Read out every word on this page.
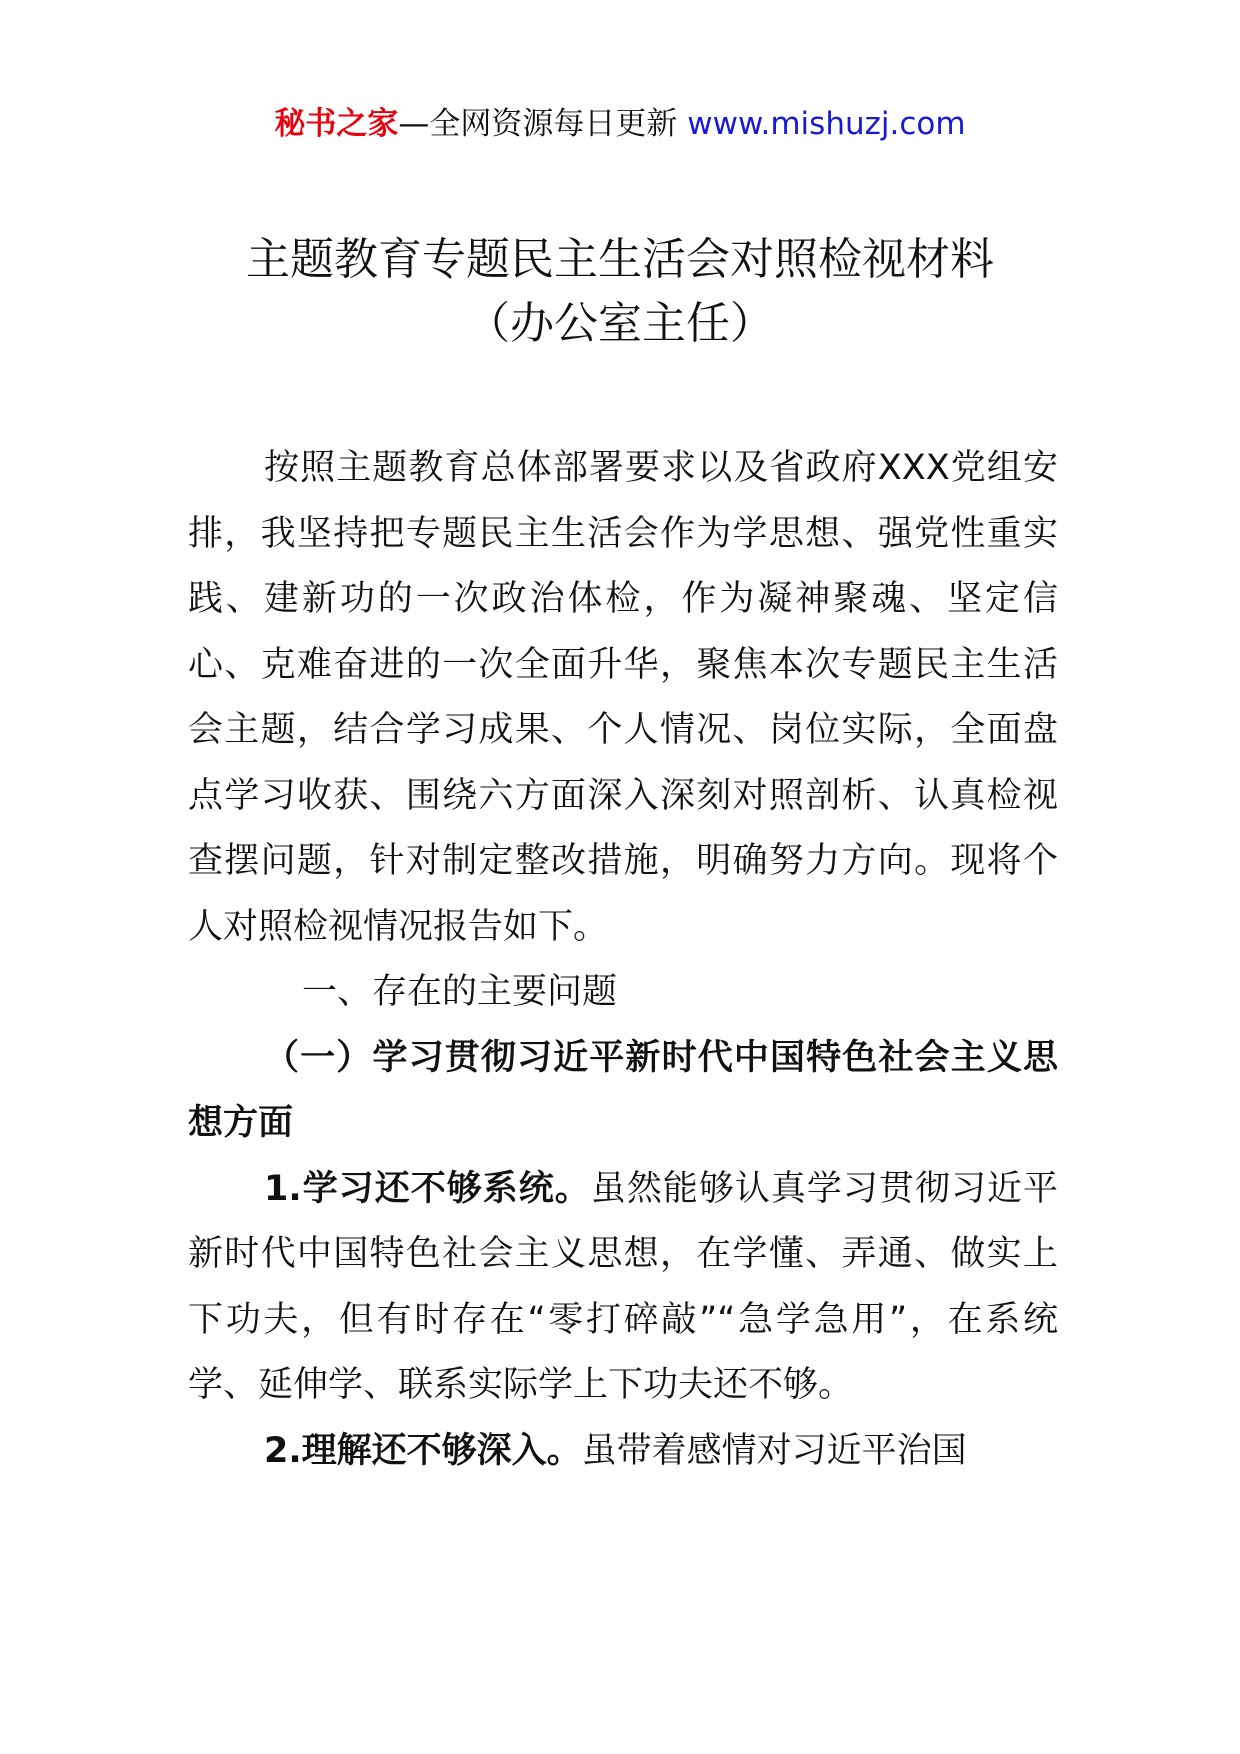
秘书之家—全网资源每日更新 www.mishuzj.com
主题教育专题民主生活会对照检视材料
（办公室主任）

按照主题教育总体部署要求以及省政府XXX党组安排，我坚持把专题民主生活会作为学思想、强党性重实践、建新功的一次政治体检，作为凝神聚魂、坚定信心、克难奋进的一次全面升华，聚焦本次专题民主生活会主题，结合学习成果、个人情况、岗位实际，全面盘点学习收获、围绕六方面深入深刻对照剖析、认真检视查摆问题，针对制定整改措施，明确努力方向。现将个人对照检视情况报告如下。

一、存在的主要问题

（一）学习贯彻习近平新时代中国特色社会主义思想方面

1.学习还不够系统。虽然能够认真学习贯彻习近平新时代中国特色社会主义思想，在学懂、弄通、做实上下功夫，但有时存在“零打碎敲”“急学急用”，在系统学、延伸学、联系实际学上下功夫还不够。

2.理解还不够深入。虽带着感情对习近平治国
